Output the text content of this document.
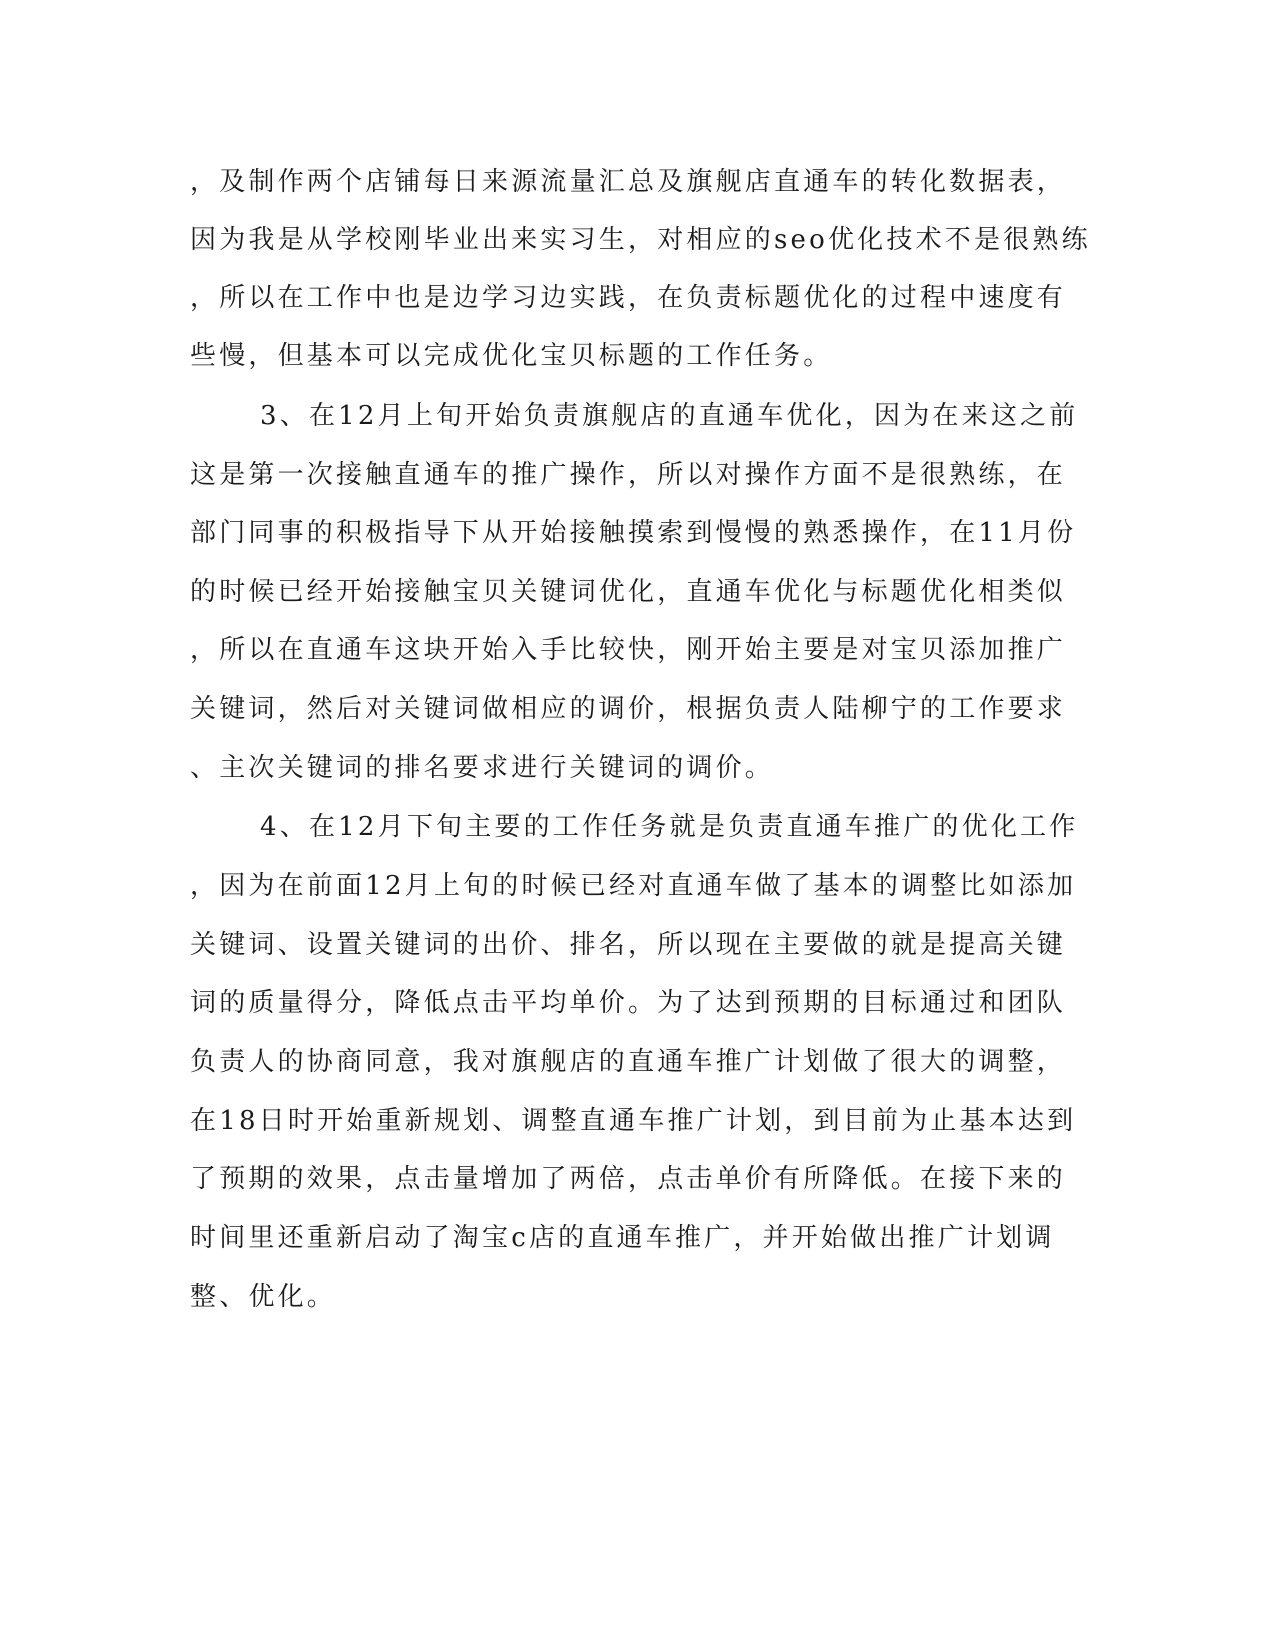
，及制作两个店铺每日来源流量汇总及旗舰店直通车的转化数据表，
因为我是从学校刚毕业出来实习生，对相应的seo优化技术不是很熟练
，所以在工作中也是边学习边实践，在负责标题优化的过程中速度有
些慢，但基本可以完成优化宝贝标题的工作任务。
3、在12月上旬开始负责旗舰店的直通车优化，因为在来这之前
这是第一次接触直通车的推广操作，所以对操作方面不是很熟练，在
部门同事的积极指导下从开始接触摸索到慢慢的熟悉操作，在11月份
的时候已经开始接触宝贝关键词优化，直通车优化与标题优化相类似
，所以在直通车这块开始入手比较快，刚开始主要是对宝贝添加推广
关键词，然后对关键词做相应的调价，根据负责人陆柳宁的工作要求
、主次关键词的排名要求进行关键词的调价。
4、在12月下旬主要的工作任务就是负责直通车推广的优化工作
，因为在前面12月上旬的时候已经对直通车做了基本的调整比如添加
关键词、设置关键词的出价、排名，所以现在主要做的就是提高关键
词的质量得分，降低点击平均单价。为了达到预期的目标通过和团队
负责人的协商同意，我对旗舰店的直通车推广计划做了很大的调整，
在18日时开始重新规划、调整直通车推广计划，到目前为止基本达到
了预期的效果，点击量增加了两倍，点击单价有所降低。在接下来的
时间里还重新启动了淘宝c店的直通车推广，并开始做出推广计划调
整、优化。
